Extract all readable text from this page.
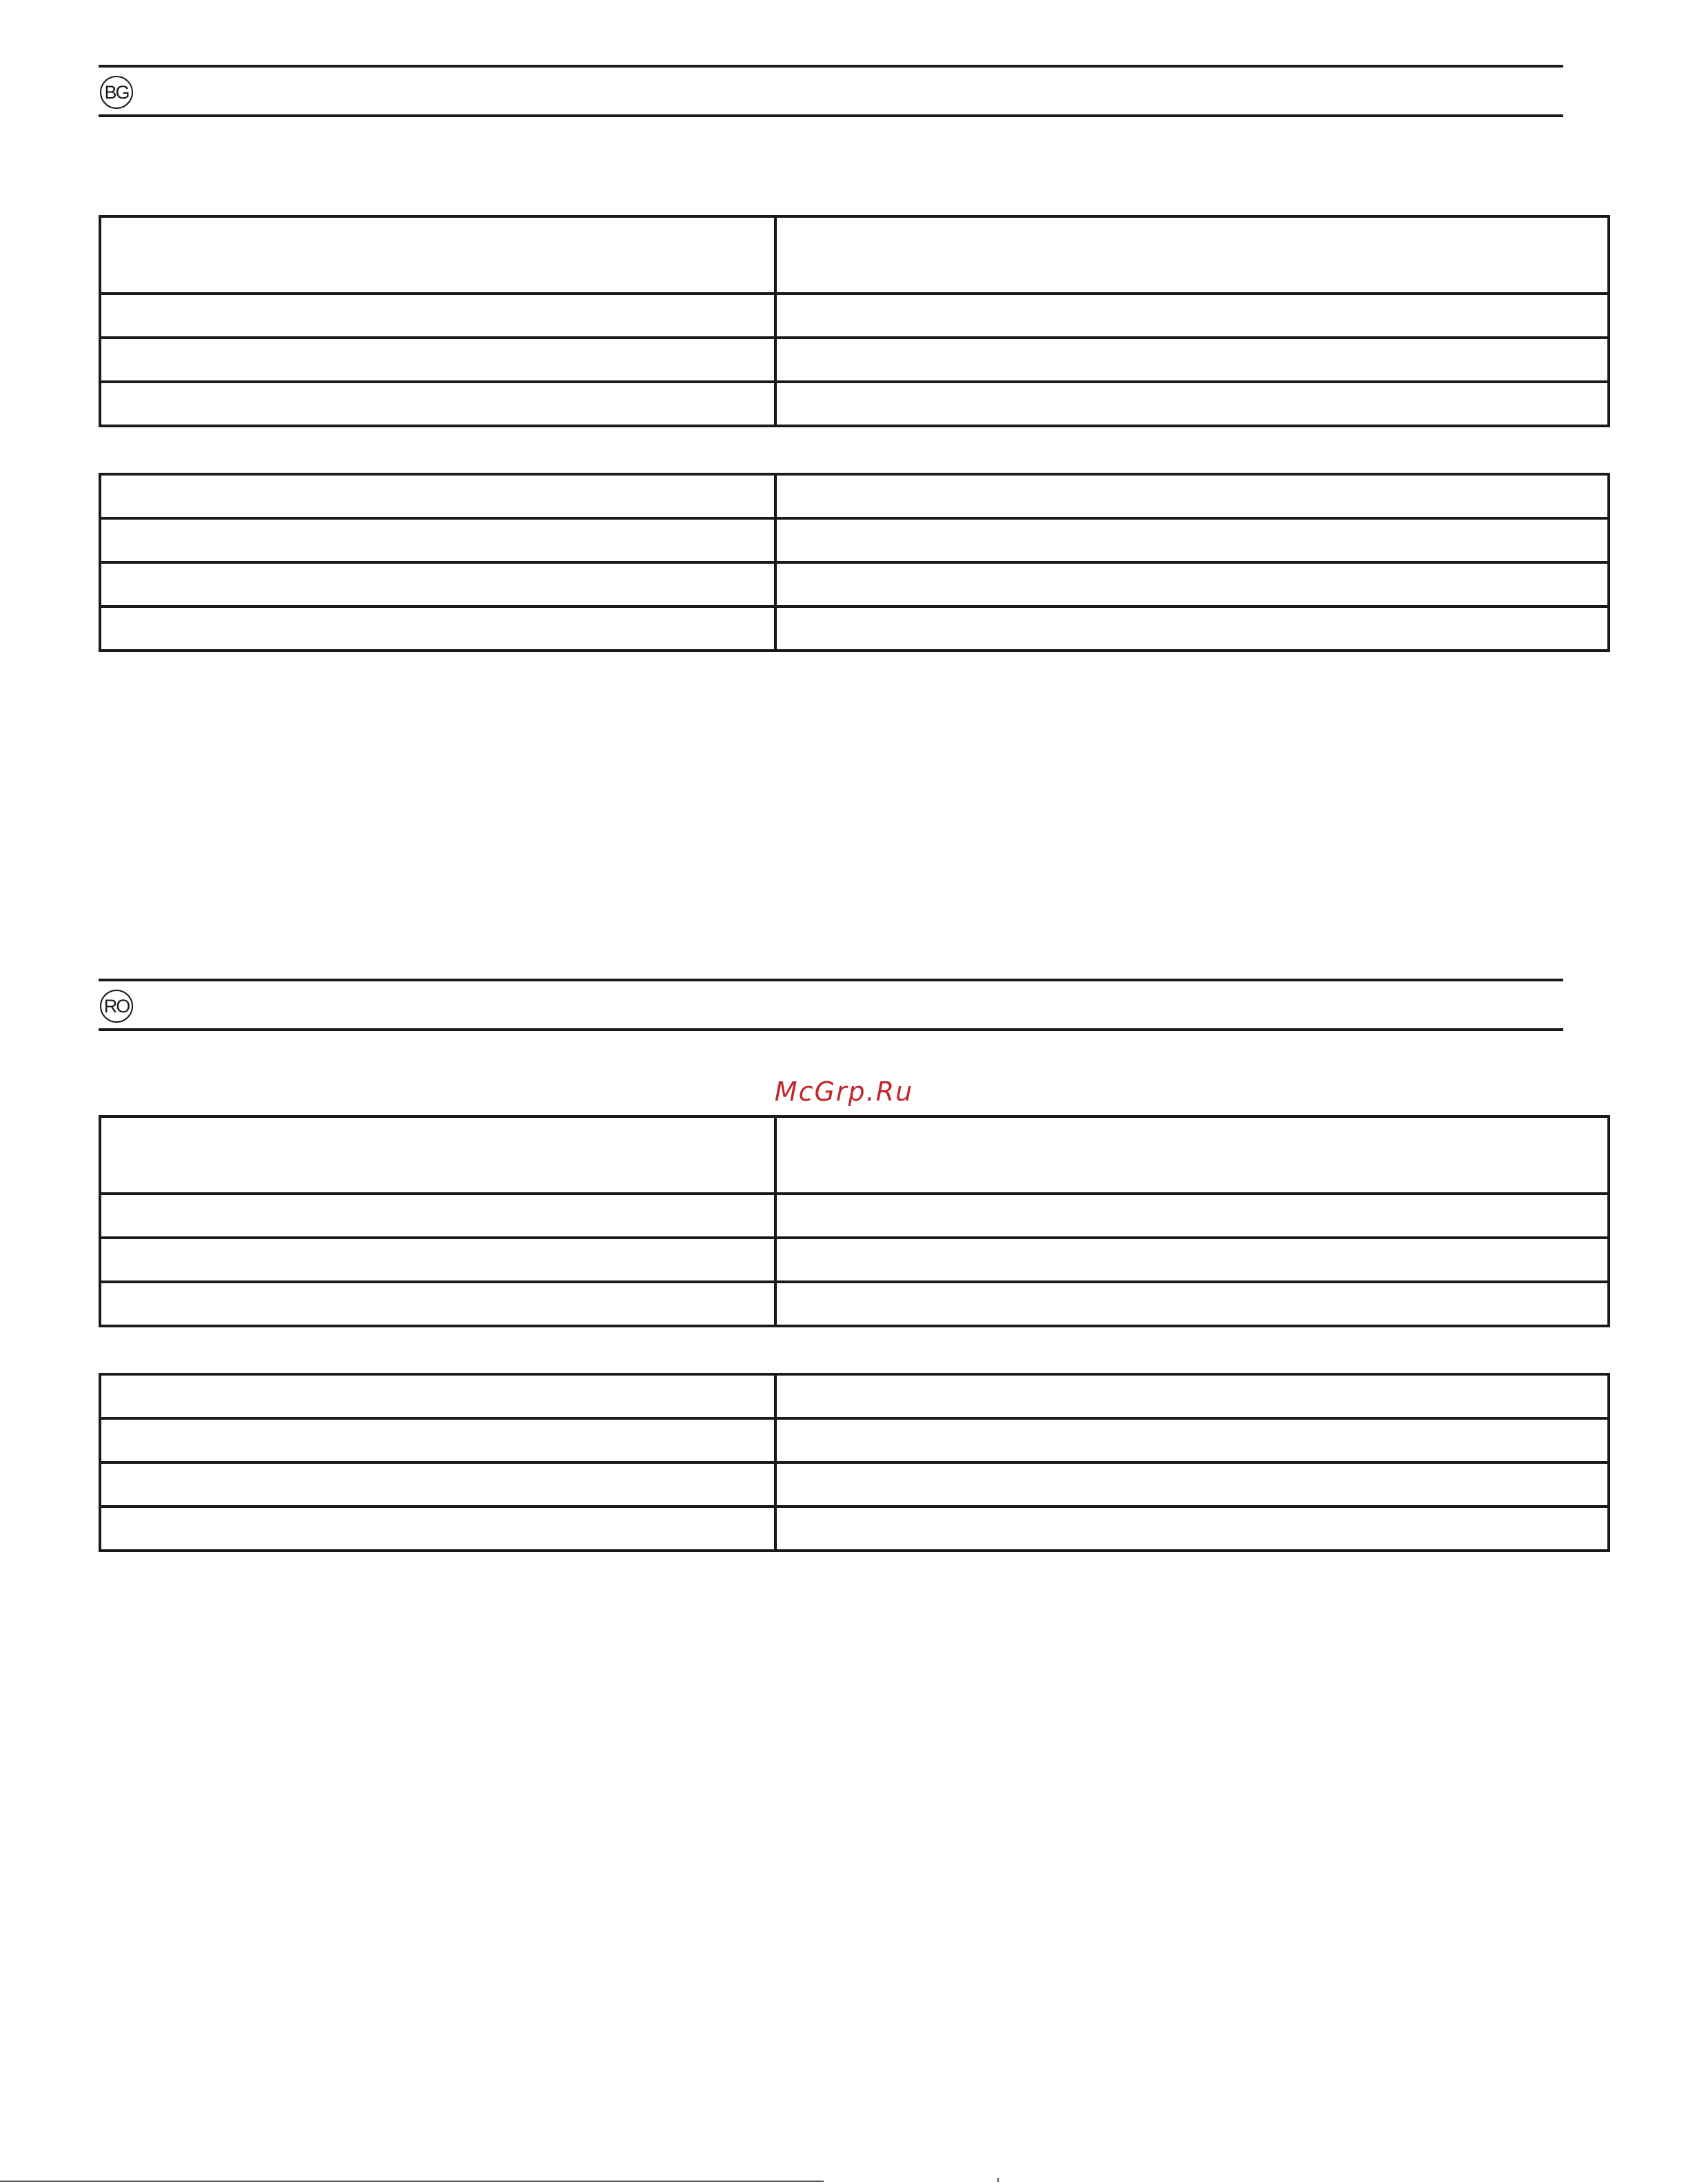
BG

RO

McGrp.Ru
